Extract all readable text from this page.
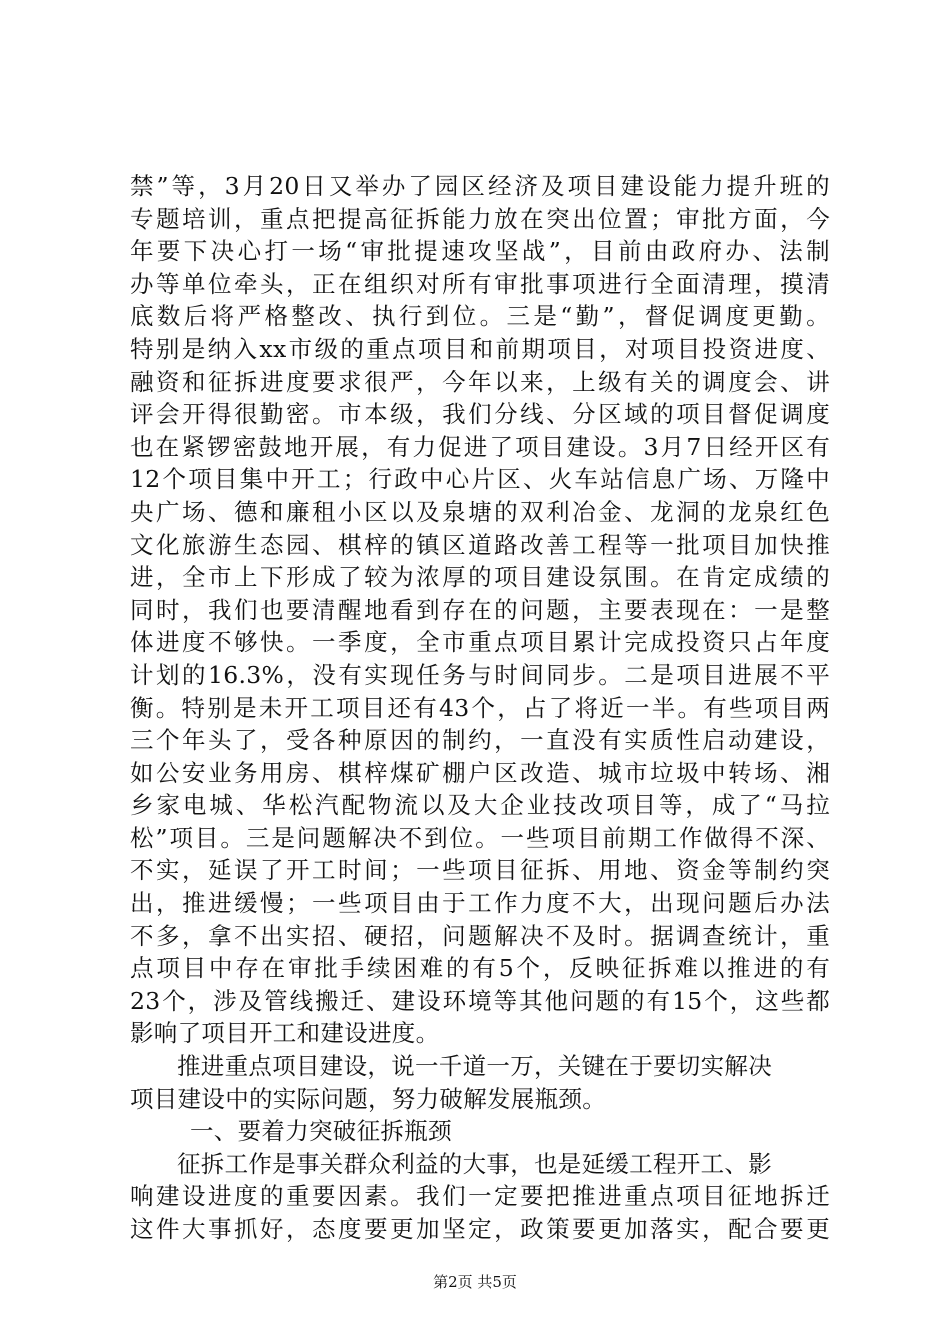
禁”等，3月20日又举办了园区经济及项目建设能力提升班的
专题培训，重点把提高征拆能力放在突出位置；审批方面，今
年要下决心打一场“审批提速攻坚战”，目前由政府办、法制
办等单位牵头，正在组织对所有审批事项进行全面清理，摸清
底数后将严格整改、执行到位。三是“勤”，督促调度更勤。
特别是纳入xx市级的重点项目和前期项目，对项目投资进度、
融资和征拆进度要求很严，今年以来，上级有关的调度会、讲
评会开得很勤密。市本级，我们分线、分区域的项目督促调度
也在紧锣密鼓地开展，有力促进了项目建设。3月7日经开区有
12个项目集中开工；行政中心片区、火车站信息广场、万隆中
央广场、德和廉租小区以及泉塘的双利冶金、龙洞的龙泉红色
文化旅游生态园、棋梓的镇区道路改善工程等一批项目加快推
进，全市上下形成了较为浓厚的项目建设氛围。在肯定成绩的
同时，我们也要清醒地看到存在的问题，主要表现在：一是整
体进度不够快。一季度，全市重点项目累计完成投资只占年度
计划的16.3%，没有实现任务与时间同步。二是项目进展不平
衡。特别是未开工项目还有43个，占了将近一半。有些项目两
三个年头了，受各种原因的制约，一直没有实质性启动建设，
如公安业务用房、棋梓煤矿棚户区改造、城市垃圾中转场、湘
乡家电城、华松汽配物流以及大企业技改项目等，成了“马拉
松”项目。三是问题解决不到位。一些项目前期工作做得不深、
不实，延误了开工时间；一些项目征拆、用地、资金等制约突
出，推进缓慢；一些项目由于工作力度不大，出现问题后办法
不多，拿不出实招、硬招，问题解决不及时。据调查统计，重
点项目中存在审批手续困难的有5个，反映征拆难以推进的有
23个，涉及管线搬迁、建设环境等其他问题的有15个，这些都
影响了项目开工和建设进度。
推进重点项目建设，说一千道一万，关键在于要切实解决
项目建设中的实际问题，努力破解发展瓶颈。
一、要着力突破征拆瓶颈
征拆工作是事关群众利益的大事，也是延缓工程开工、影
响建设进度的重要因素。我们一定要把推进重点项目征地拆迁
这件大事抓好，态度要更加坚定，政策要更加落实，配合要更
第2页 共5页
